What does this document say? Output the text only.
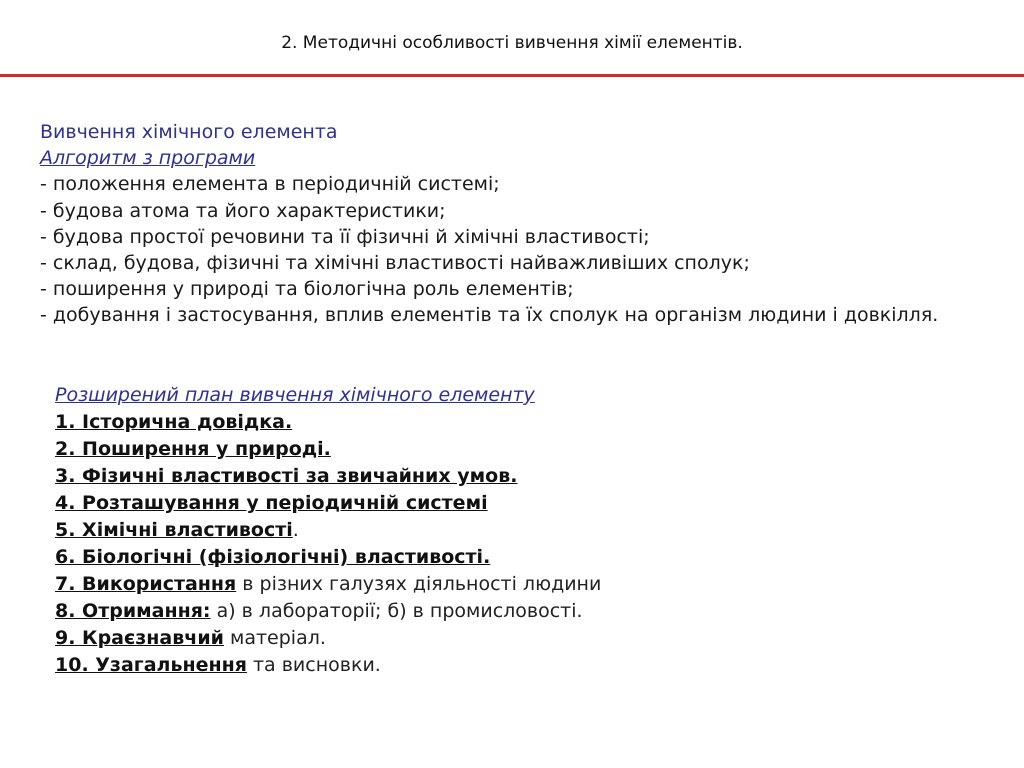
2. Методичні особливості вивчення хімії елементів.
Вивчення хімічного елемента
Алгоритм з програми
- положення елемента в періодичній системі;
- будова атома та його характеристики;
- будова простої речовини та її фізичні й хімічні властивості;
- склад, будова, фізичні та хімічні властивості найважливіших сполук;
- поширення у природі та біологічна роль елементів;
- добування і застосування, вплив елементів та їх сполук на організм людини і довкілля.
Розширений план вивчення хімічного елементу
1. Історична довідка.
2. Поширення у природі.
3. Фізичні властивості за звичайних умов.
4. Розташування у періодичній системі
5. Хімічні властивості.
6. Біологічні (фізіологічні) властивості.
7. Використання в різних галузях діяльності людини
8. Отримання: а) в лабораторії; б) в промисловості.
9. Краєзнавчий матеріал.
10. Узагальнення та висновки.
